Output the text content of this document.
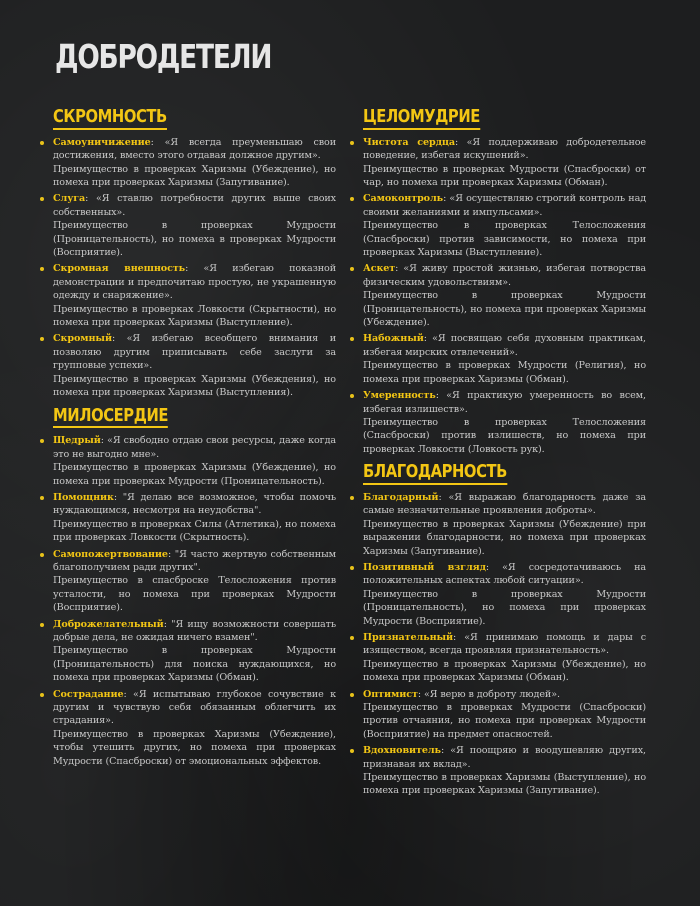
ДОБРОДЕТЕЛИ
СКРОМНОСТЬ
Самоуничижение: «Я всегда преуменьшаю свои достижения, вместо этого отдавая должное другим».
Преимущество в проверках Харизмы (Убеждение), но помеха при проверках Харизмы (Запугивание).
Слуга: «Я ставлю потребности других выше своих собственных».
Преимущество в проверках Мудрости (Проницательность), но помеха в проверках Мудрости (Восприятие).
Скромная внешность: «Я избегаю показной демонстрации и предпочитаю простую, не украшенную одежду и снаряжение».
Преимущество в проверках Ловкости (Скрытности), но помеха при проверках Харизмы (Выступление).
Скромный: «Я избегаю всеобщего внимания и позволяю другим приписывать себе заслуги за групповые успехи».
Преимущество в проверках Харизмы (Убеждения), но помеха при проверках Харизмы (Выступления).
МИЛОСЕРДИЕ
Щедрый: «Я свободно отдаю свои ресурсы, даже когда это не выгодно мне».
Преимущество в проверках Харизмы (Убеждение), но помеха при проверках Мудрости (Проницательность).
Помощник: "Я делаю все возможное, чтобы помочь нуждающимся, несмотря на неудобства".
Преимущество в проверках Силы (Атлетика), но помеха при проверках Ловкости (Скрытность).
Самопожертвование: "Я часто жертвую собственным благополучием ради других".
Преимущество в спасброске Телосложения против усталости, но помеха при проверках Мудрости (Восприятие).
Доброжелательный: "Я ищу возможности совершать добрые дела, не ожидая ничего взамен".
Преимущество в проверках Мудрости (Проницательность) для поиска нуждающихся, но помеха при проверках Харизмы (Обман).
Сострадание: «Я испытываю глубокое сочувствие к другим и чувствую себя обязанным облегчить их страдания».
Преимущество в проверках Харизмы (Убеждение), чтобы утешить других, но помеха при проверках Мудрости (Спасброски) от эмоциональных эффектов.
ЦЕЛОМУДРИЕ
Чистота сердца: «Я поддерживаю добродетельное поведение, избегая искушений».
Преимущество в проверках Мудрости (Спасброски) от чар, но помеха при проверках Харизмы (Обман).
Самоконтроль: «Я осуществляю строгий контроль над своими желаниями и импульсами».
Преимущество в проверках Телосложения (Спасброски) против зависимости, но помеха при проверках Харизмы (Выступление).
Аскет: «Я живу простой жизнью, избегая потворства физическим удовольствиям».
Преимущество в проверках Мудрости (Проницательность), но помеха при проверках Харизмы (Убеждение).
Набожный: «Я посвящаю себя духовным практикам, избегая мирских отвлечений».
Преимущество в проверках Мудрости (Религия), но помеха при проверках Харизмы (Обман).
Умеренность: «Я практикую умеренность во всем, избегая излишеств».
Преимущество в проверках Телосложения (Спасброски) против излишеств, но помеха при проверках Ловкости (Ловкость рук).
БЛАГОДАРНОСТЬ
Благодарный: «Я выражаю благодарность даже за самые незначительные проявления доброты».
Преимущество в проверках Харизмы (Убеждение) при выражении благодарности, но помеха при проверках Харизмы (Запугивание).
Позитивный взгляд: «Я сосредотачиваюсь на положительных аспектах любой ситуации».
Преимущество в проверках Мудрости (Проницательность), но помеха при проверках Мудрости (Восприятие).
Признательный: «Я принимаю помощь и дары с изяществом, всегда проявляя признательность».
Преимущество в проверках Харизмы (Убеждение), но помеха при проверках Харизмы (Обман).
Оптимист: «Я верю в доброту людей».
Преимущество в проверках Мудрости (Спасброски) против отчаяния, но помеха при проверках Мудрости (Восприятие) на предмет опасностей.
Вдохновитель: «Я поощряю и воодушевляю других, признавая их вклад».
Преимущество в проверках Харизмы (Выступление), но помеха при проверках Харизмы (Запугивание).
